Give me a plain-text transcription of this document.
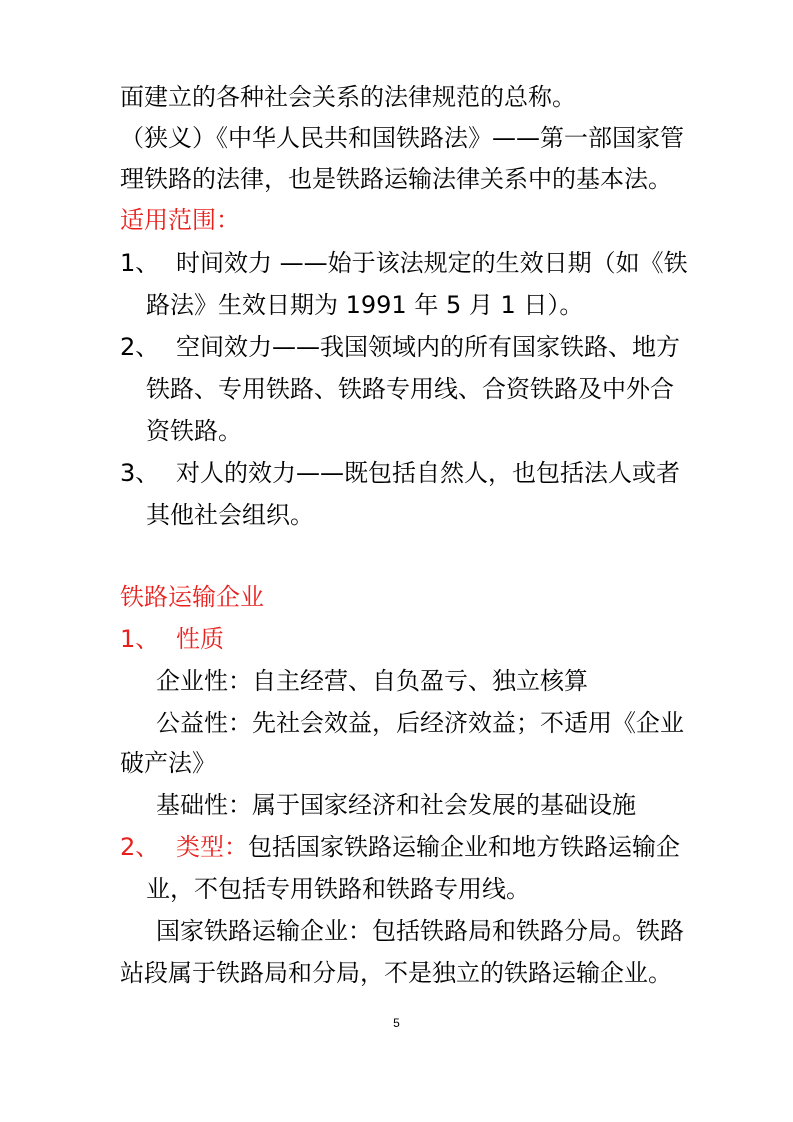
面建立的各种社会关系的法律规范的总称。
（狭义）《中华人民共和国铁路法》——第一部国家管
理铁路的法律，也是铁路运输法律关系中的基本法。
适用范围：
1、 时间效力 ——始于该法规定的生效日期（如《铁
路法》生效日期为 1991 年 5 月 1 日）。
2、 空间效力——我国领域内的所有国家铁路、地方
铁路、专用铁路、铁路专用线、合资铁路及中外合
资铁路。
3、 对人的效力——既包括自然人，也包括法人或者
其他社会组织。
铁路运输企业
1、 性质
企业性：自主经营、自负盈亏、独立核算
公益性：先社会效益，后经济效益；不适用《企业
破产法》
基础性：属于国家经济和社会发展的基础设施
2、 类型：包括国家铁路运输企业和地方铁路运输企
业，不包括专用铁路和铁路专用线。
国家铁路运输企业：包括铁路局和铁路分局。铁路
站段属于铁路局和分局，不是独立的铁路运输企业。
5
